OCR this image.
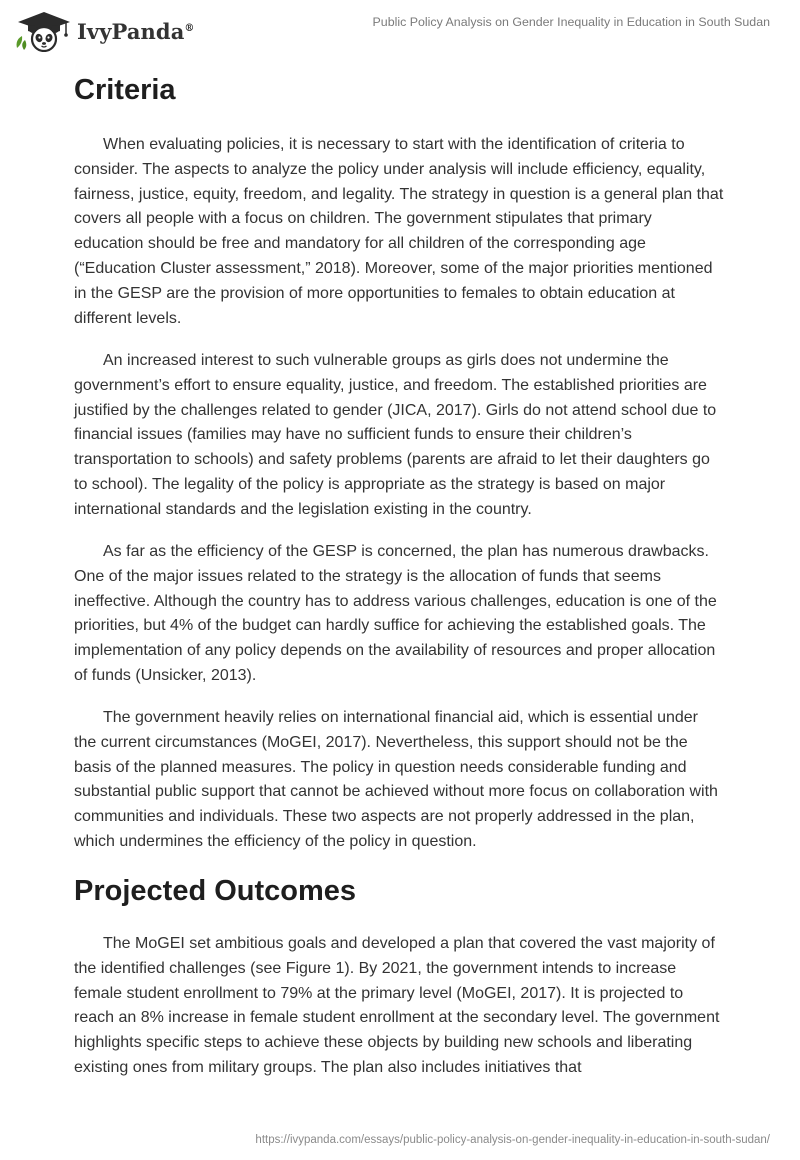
IvyPanda®	Public Policy Analysis on Gender Inequality in Education in South Sudan
Criteria

When evaluating policies, it is necessary to start with the identification of criteria to consider. The aspects to analyze the policy under analysis will include efficiency, equality, fairness, justice, equity, freedom, and legality. The strategy in question is a general plan that covers all people with a focus on children. The government stipulates that primary education should be free and mandatory for all children of the corresponding age (“Education Cluster assessment,” 2018). Moreover, some of the major priorities mentioned in the GESP are the provision of more opportunities to females to obtain education at different levels.

An increased interest to such vulnerable groups as girls does not undermine the government’s effort to ensure equality, justice, and freedom. The established priorities are justified by the challenges related to gender (JICA, 2017). Girls do not attend school due to financial issues (families may have no sufficient funds to ensure their children’s transportation to schools) and safety problems (parents are afraid to let their daughters go to school). The legality of the policy is appropriate as the strategy is based on major international standards and the legislation existing in the country.

As far as the efficiency of the GESP is concerned, the plan has numerous drawbacks. One of the major issues related to the strategy is the allocation of funds that seems ineffective. Although the country has to address various challenges, education is one of the priorities, but 4% of the budget can hardly suffice for achieving the established goals. The implementation of any policy depends on the availability of resources and proper allocation of funds (Unsicker, 2013).

The government heavily relies on international financial aid, which is essential under the current circumstances (MoGEI, 2017). Nevertheless, this support should not be the basis of the planned measures. The policy in question needs considerable funding and substantial public support that cannot be achieved without more focus on collaboration with communities and individuals. These two aspects are not properly addressed in the plan, which undermines the efficiency of the policy in question.

Projected Outcomes

The MoGEI set ambitious goals and developed a plan that covered the vast majority of the identified challenges (see Figure 1). By 2021, the government intends to increase female student enrollment to 79% at the primary level (MoGEI, 2017). It is projected to reach an 8% increase in female student enrollment at the secondary level. The government highlights specific steps to achieve these objects by building new schools and liberating existing ones from military groups. The plan also includes initiatives that

https://ivypanda.com/essays/public-policy-analysis-on-gender-inequality-in-education-in-south-sudan/
